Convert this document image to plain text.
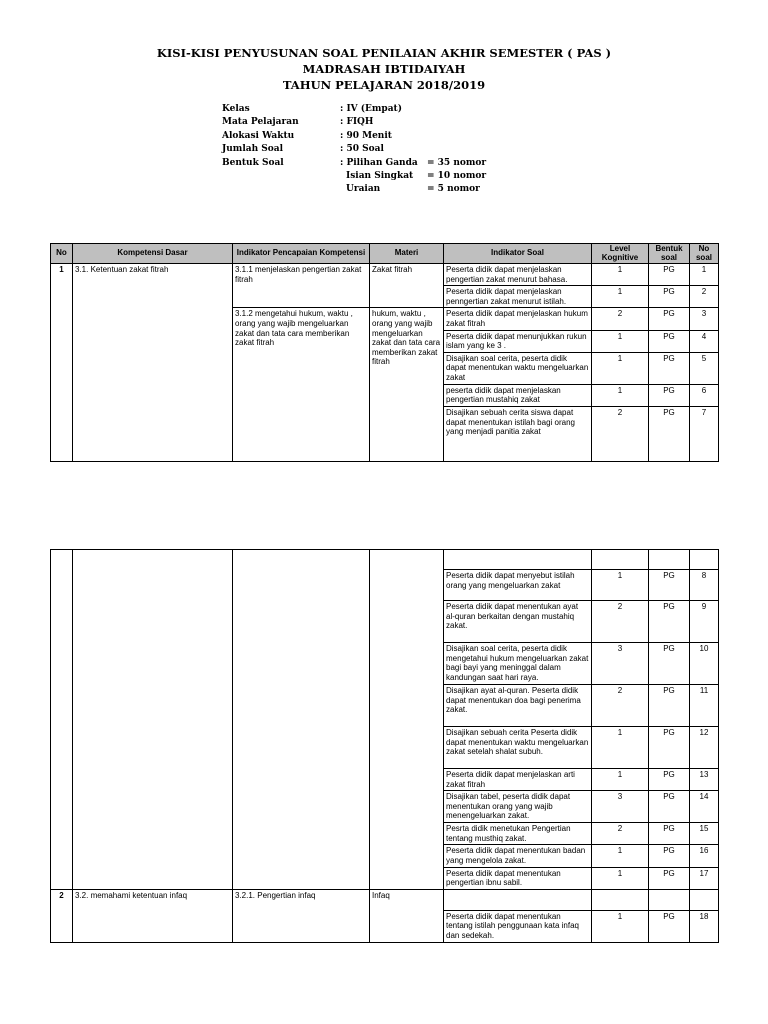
KISI-KISI PENYUSUNAN SOAL PENILAIAN AKHIR SEMESTER ( PAS )
MADRASAH IBTIDAIYAH
TAHUN PELAJARAN 2018/2019
Kelas	: IV (Empat)
Mata Pelajaran	: FIQH
Alokasi Waktu	: 90 Menit
Jumlah Soal	: 50 Soal
Bentuk Soal	: Pilihan Ganda = 35 nomor
Isian Singkat = 10 nomor
Uraian	= 5 nomor
No	Kompetensi Dasar	Indikator Pencapaian Kompetensi	Materi	Indikator Soal	Level Kognitive	Bentuk soal	No soal
1	3.1. Ketentuan zakat fitrah	3.1.1 menjelaskan pengertian zakat fitrah	Zakat fitrah	Peserta didik dapat menjelaskan pengertian zakat menurut bahasa.	1	PG	1
				Peserta didik dapat menjelaskan penngertian zakat menurut istilah.	1	PG	2
		3.1.2 mengetahui hukum, waktu , orang yang wajib mengeluarkan zakat dan tata cara memberikan zakat fitrah	hukum, waktu , orang yang wajib mengeluarkan zakat dan tata cara memberikan zakat fitrah	Peserta didik dapat menjelaskan hukum zakat fitrah	2	PG	3
				Peserta didik dapat menunjukkan rukun islam yang ke 3 .	1	PG	4
				Disajikan soal cerita, peserta didik dapat menentukan waktu mengeluarkan zakat	1	PG	5
				peserta didik dapat menjelaskan pengertian mustahiq zakat	1	PG	6
				Disajikan sebuah cerita siswa dapat dapat menentukan istilah bagi orang yang menjadi panitia zakat	2	PG	7

				Peserta didik dapat menyebut istilah orang yang mengeluarkan zakat	1	PG	8
				Peserta didik dapat menentukan ayat al-quran berkaitan dengan mustahiq zakat.	2	PG	9
				Disajikan soal cerita, peserta didik mengetahui hukum mengeluarkan zakat bagi bayi yang meninggal dalam kandungan saat hari raya.	3	PG	10
				Disajikan ayat al-quran. Peserta didik dapat menentukan doa bagi penerima zakat.	2	PG	11
				Disajikan sebuah cerita Peserta didik dapat menentukan waktu mengeluarkan zakat setelah shalat subuh.	1	PG	12
				Peserta didik dapat menjelaskan arti zakat fitrah	1	PG	13
				Disajikan tabel, peserta didik dapat menentukan orang yang wajib menengeluarkan zakat.	3	PG	14
				Pesrta didik menetukan Pengertian tentang musthiq zakat.	2	PG	15
				Peserta didik dapat menentukan badan yang mengelola zakat.	1	PG	16
				Peserta didik dapat menentukan pengertian ibnu sabil.	1	PG	17
2	3.2. memahami ketentuan infaq	3.2.1. Pengertian infaq	Infaq				
				Peserta didik dapat menentukan tentang istilah penggunaan kata infaq dan sedekah.	1	PG	18
